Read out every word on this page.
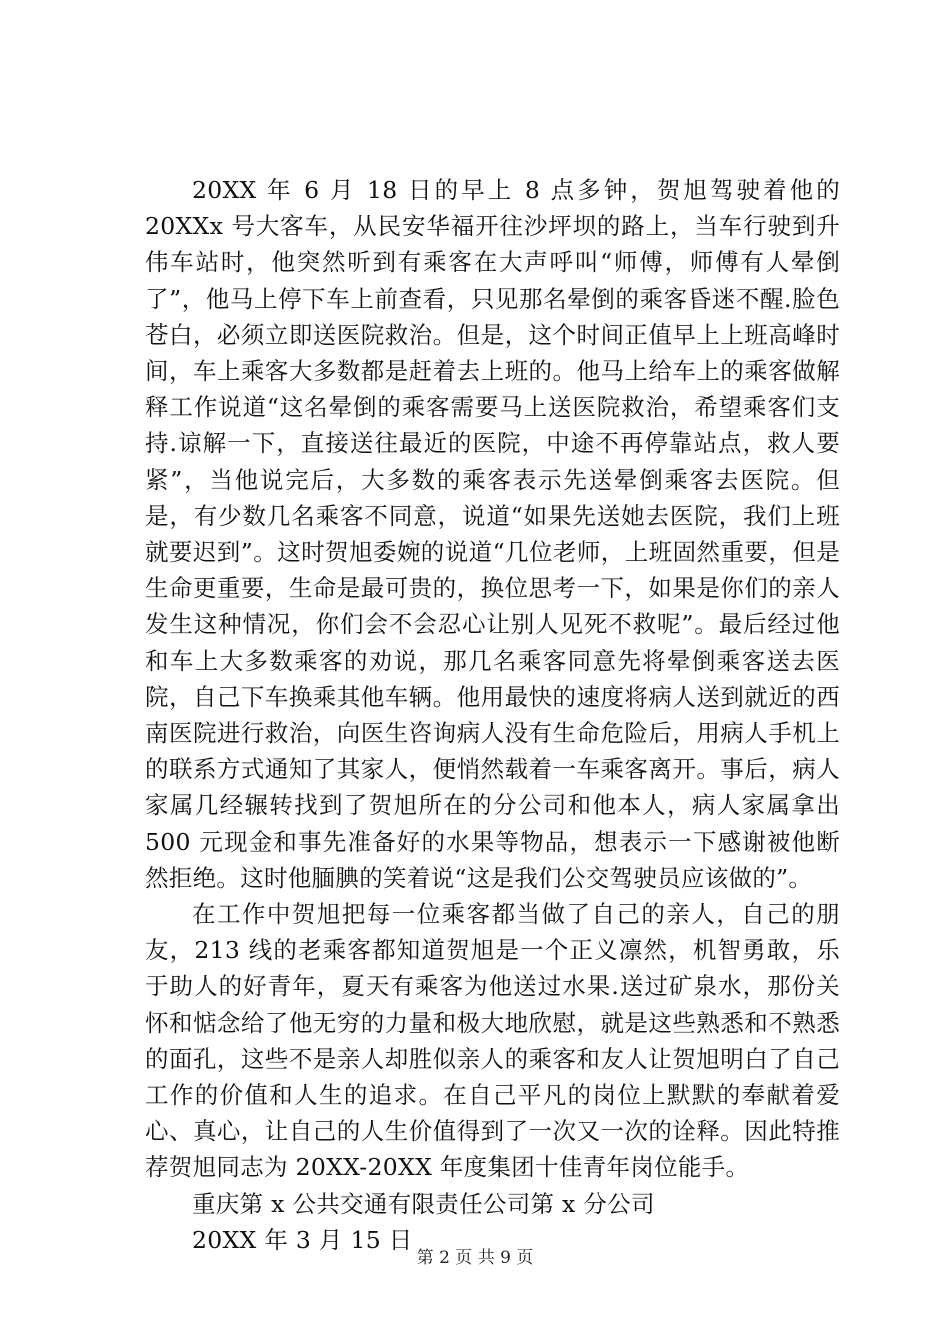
20XX 年 6 月 18 日的早上 8 点多钟，贺旭驾驶着他的 20XXx 号大客车，从民安华福开往沙坪坝的路上，当车行驶到升伟车站时，他突然听到有乘客在大声呼叫“师傅，师傅有人晕倒了”，他马上停下车上前查看，只见那名晕倒的乘客昏迷不醒.脸色苍白，必须立即送医院救治。但是，这个时间正值早上上班高峰时间，车上乘客大多数都是赶着去上班的。他马上给车上的乘客做解释工作说道“这名晕倒的乘客需要马上送医院救治，希望乘客们支持.谅解一下，直接送往最近的医院，中途不再停靠站点，救人要紧”，当他说完后，大多数的乘客表示先送晕倒乘客去医院。但是，有少数几名乘客不同意，说道“如果先送她去医院，我们上班就要迟到”。这时贺旭委婉的说道“几位老师，上班固然重要，但是生命更重要，生命是最可贵的，换位思考一下，如果是你们的亲人发生这种情况，你们会不会忍心让别人见死不救呢”。最后经过他和车上大多数乘客的劝说，那几名乘客同意先将晕倒乘客送去医院，自己下车换乘其他车辆。他用最快的速度将病人送到就近的西南医院进行救治，向医生咨询病人没有生命危险后，用病人手机上的联系方式通知了其家人，便悄然载着一车乘客离开。事后，病人家属几经辗转找到了贺旭所在的分公司和他本人，病人家属拿出 500 元现金和事先准备好的水果等物品，想表示一下感谢被他断然拒绝。这时他腼腆的笑着说“这是我们公交驾驶员应该做的”。

在工作中贺旭把每一位乘客都当做了自己的亲人，自己的朋友，213 线的老乘客都知道贺旭是一个正义凛然，机智勇敢，乐于助人的好青年，夏天有乘客为他送过水果.送过矿泉水，那份关怀和惦念给了他无穷的力量和极大地欣慰，就是这些熟悉和不熟悉的面孔，这些不是亲人却胜似亲人的乘客和友人让贺旭明白了自己工作的价值和人生的追求。在自己平凡的岗位上默默的奉献着爱心、真心，让自己的人生价值得到了一次又一次的诠释。因此特推荐贺旭同志为 20XX-20XX 年度集团十佳青年岗位能手。

重庆第 x 公共交通有限责任公司第 x 分公司

20XX 年 3 月 15 日

第 2 页 共 9 页
